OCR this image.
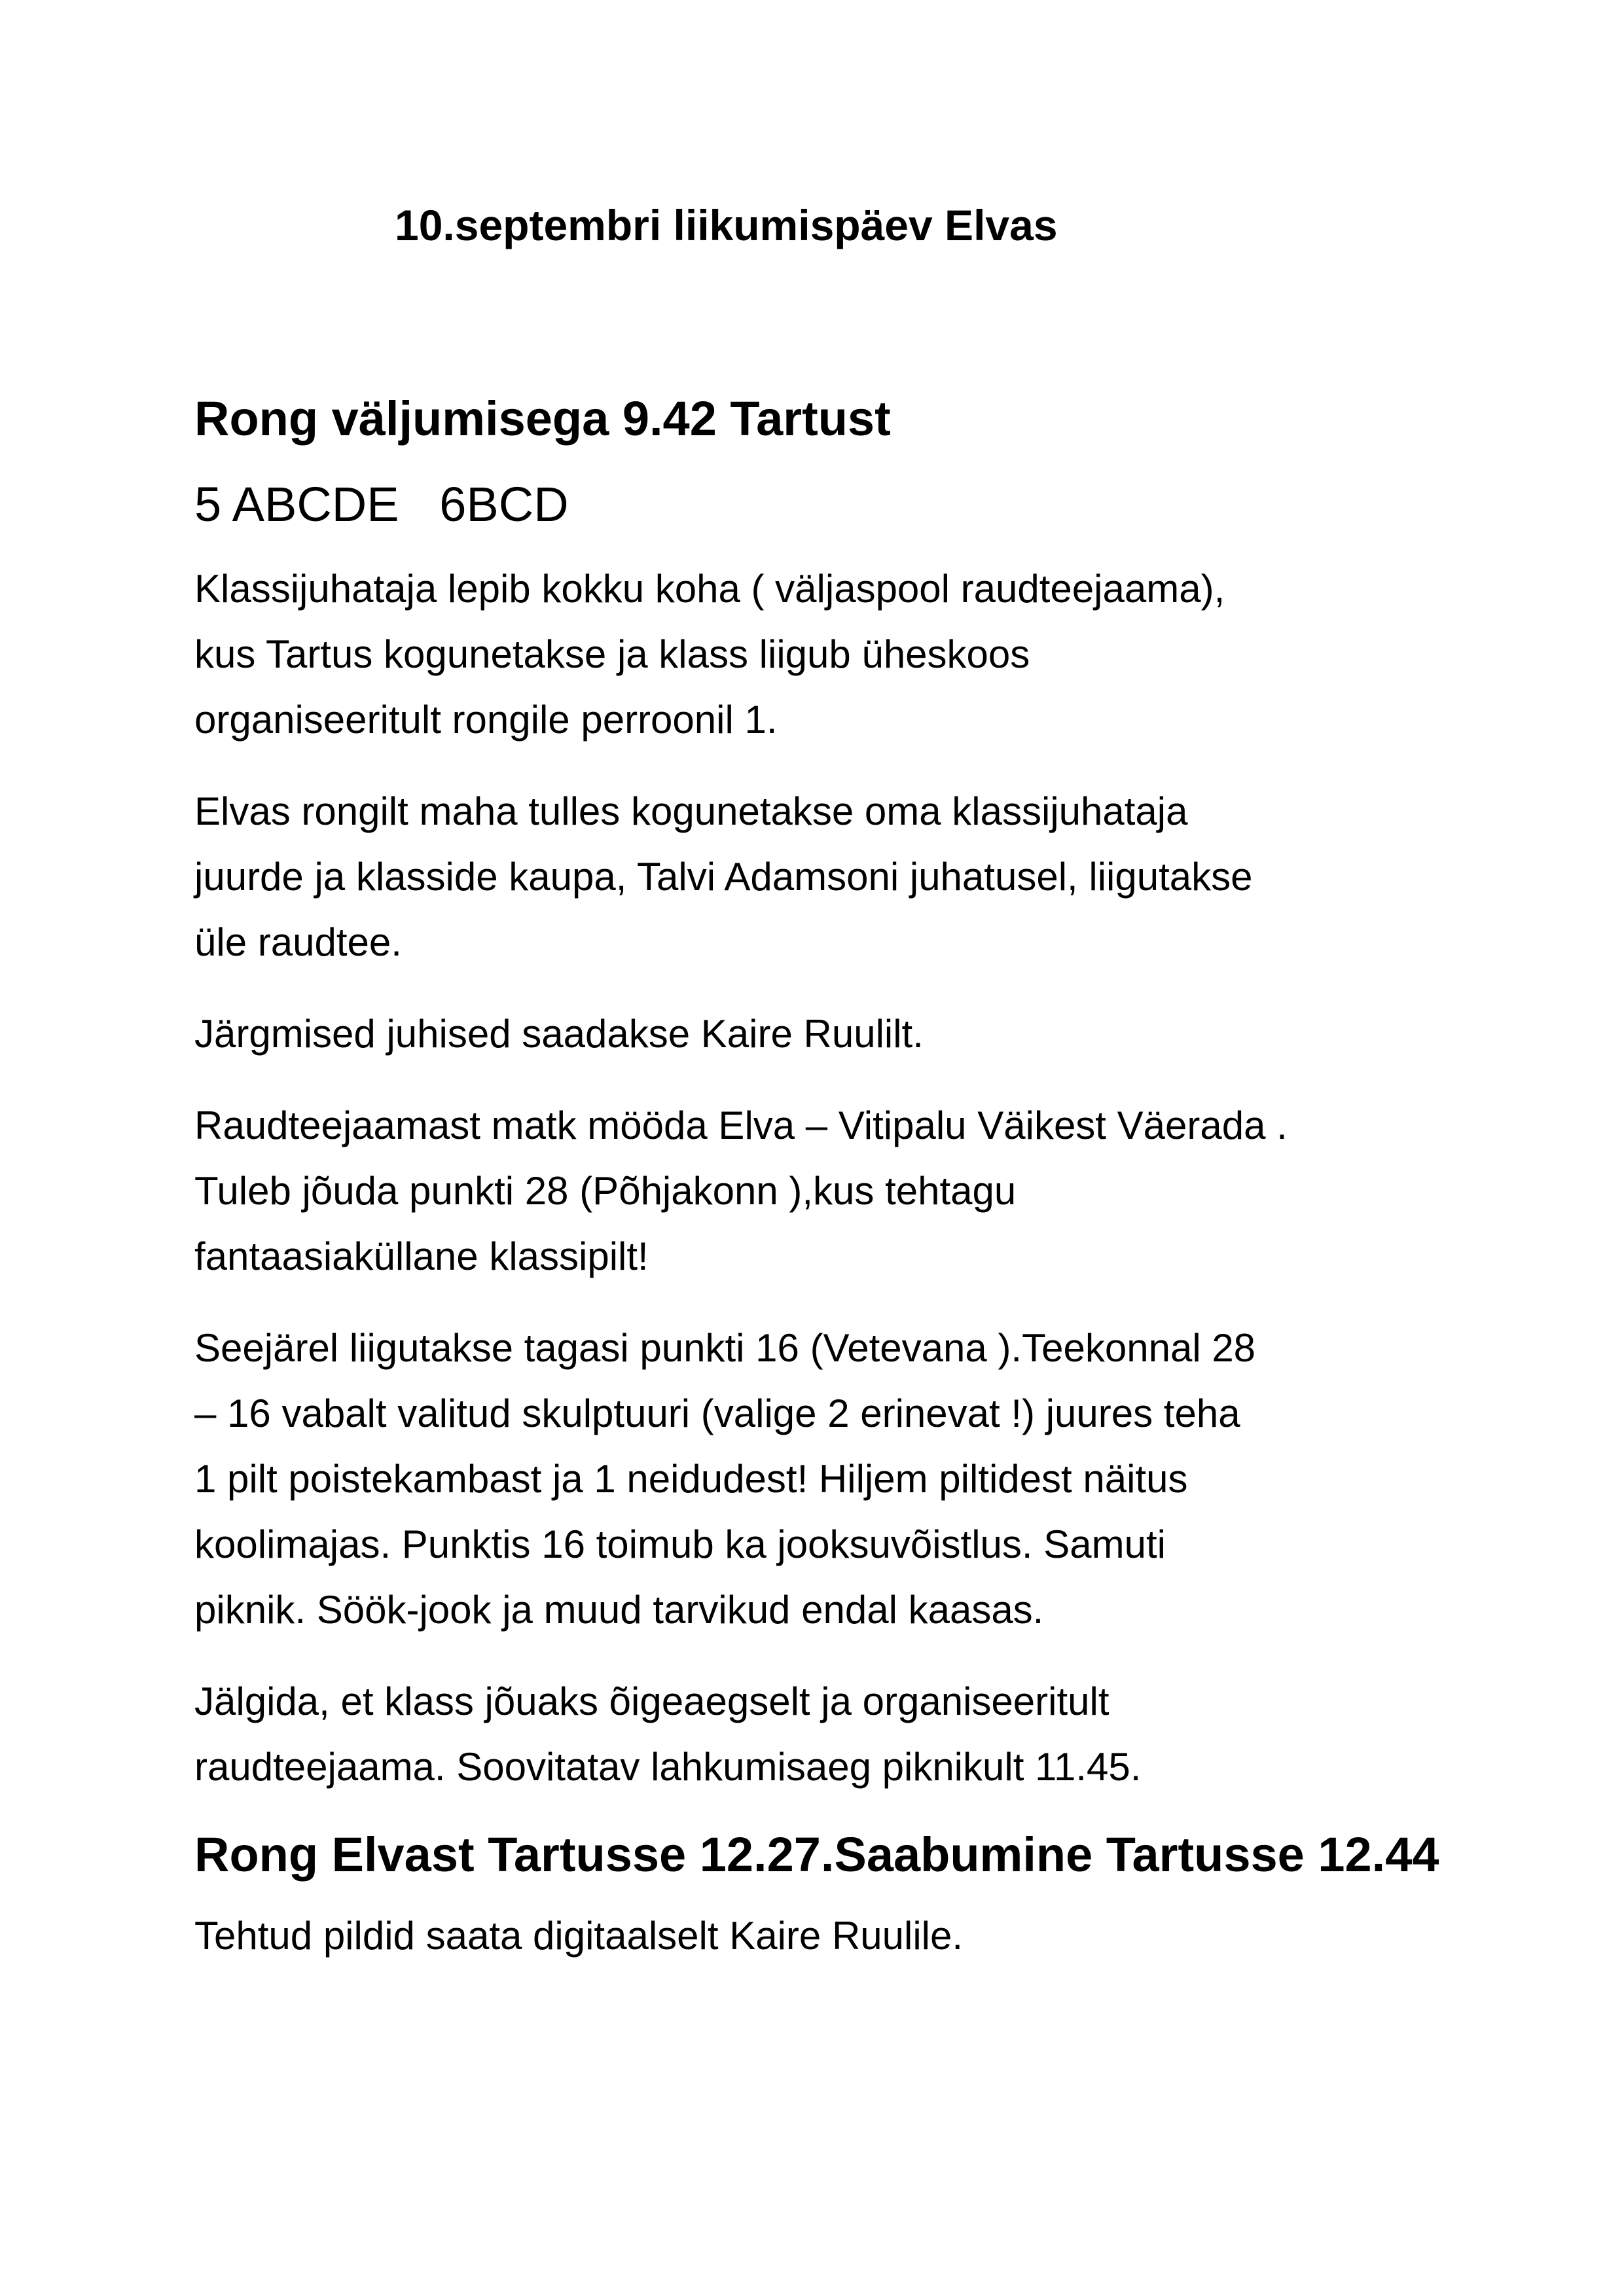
10.septembri liikumispäev Elvas
Rong väljumisega 9.42 Tartust
5 ABCDE   6BCD

Klassijuhataja lepib kokku koha ( väljaspool raudteejaama),
kus Tartus kogunetakse ja klass liigub üheskoos
organiseeritult rongile perroonil 1.

Elvas rongilt maha tulles kogunetakse oma klassijuhataja
juurde ja klasside kaupa, Talvi Adamsoni juhatusel, liigutakse
üle raudtee.

Järgmised juhised saadakse Kaire Ruulilt.

Raudteejaamast matk mööda Elva – Vitipalu Väikest Väerada .
Tuleb jõuda punkti 28 (Põhjakonn ),kus tehtagu
fantaasiaküllane klassipilt!

Seejärel liigutakse tagasi punkti 16 (Vetevana ).Teekonnal 28
– 16 vabalt valitud skulptuuri (valige 2 erinevat !) juures teha
1 pilt poistekambast ja 1 neidudest! Hiljem piltidest näitus
koolimajas. Punktis 16 toimub ka jooksuvõistlus. Samuti
piknik. Söök-jook ja muud tarvikud endal kaasas.

Jälgida, et klass jõuaks õigeaegselt ja organiseeritult
raudteejaama. Soovitatav lahkumisaeg piknikult 11.45.

Rong Elvast Tartusse 12.27.Saabumine Tartusse 12.44

Tehtud pildid saata digitaalselt Kaire Ruulile.
